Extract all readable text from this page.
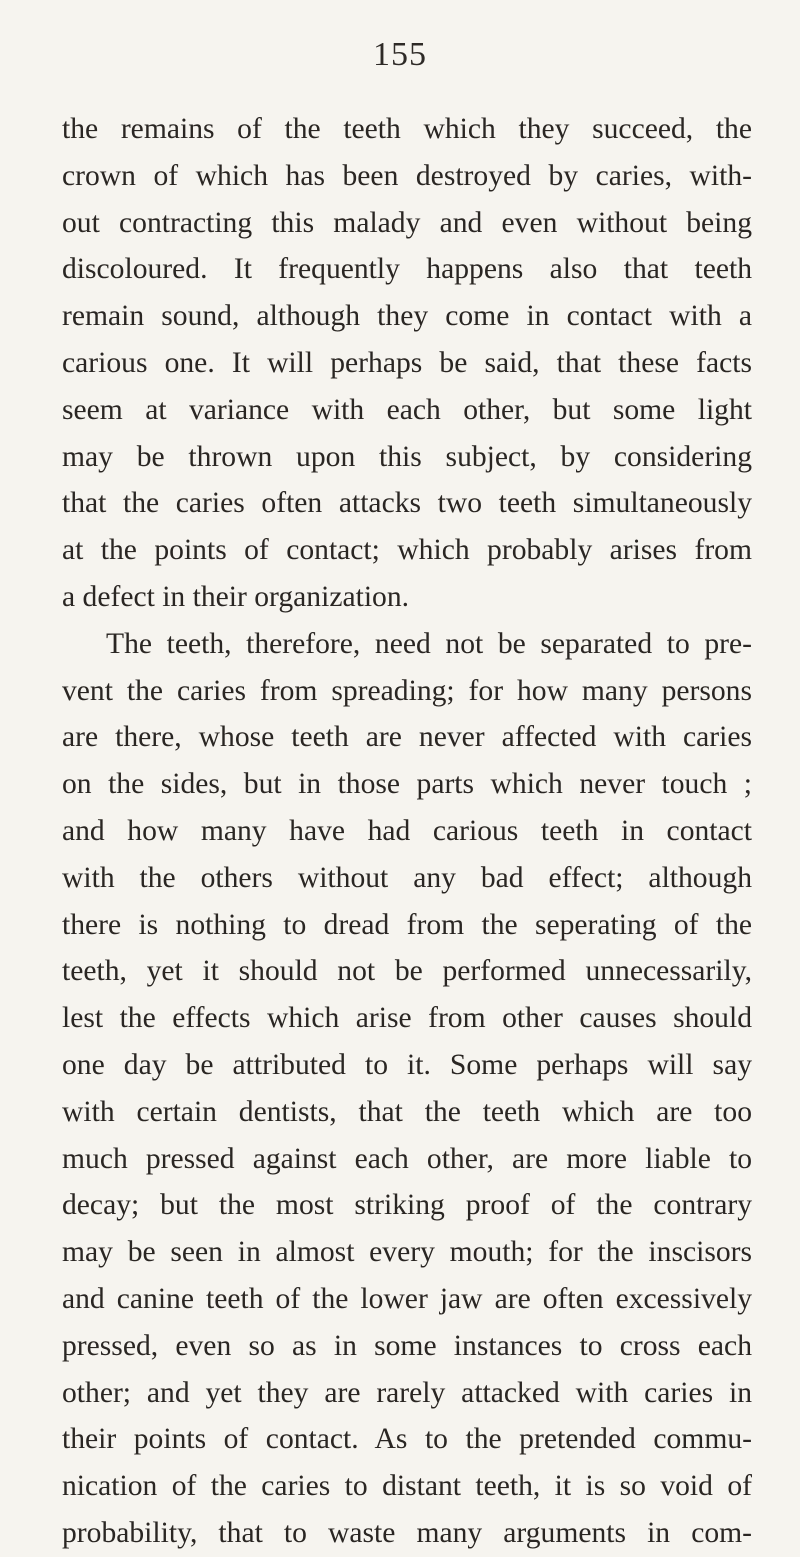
155
the remains of the teeth which they succeed, the
crown of which has been destroyed by caries, with-
out contracting this malady and even without being
discoloured. It frequently happens also that teeth
remain sound, although they come in contact with a
carious one. It will perhaps be said, that these facts
seem at variance with each other, but some light
may be thrown upon this subject, by considering
that the caries often attacks two teeth simultaneously
at the points of contact; which probably arises from
a defect in their organization.
The teeth, therefore, need not be separated to pre-
vent the caries from spreading; for how many persons
are there, whose teeth are never affected with caries
on the sides, but in those parts which never touch ;
and how many have had carious teeth in contact
with the others without any bad effect; although
there is nothing to dread from the seperating of the
teeth, yet it should not be performed unnecessarily,
lest the effects which arise from other causes should
one day be attributed to it. Some perhaps will say
with certain dentists, that the teeth which are too
much pressed against each other, are more liable to
decay; but the most striking proof of the contrary
may be seen in almost every mouth; for the inscisors
and canine teeth of the lower jaw are often excessively
pressed, even so as in some instances to cross each
other; and yet they are rarely attacked with caries in
their points of contact. As to the pretended commu-
nication of the caries to distant teeth, it is so void of
probability, that to waste many arguments in com-
